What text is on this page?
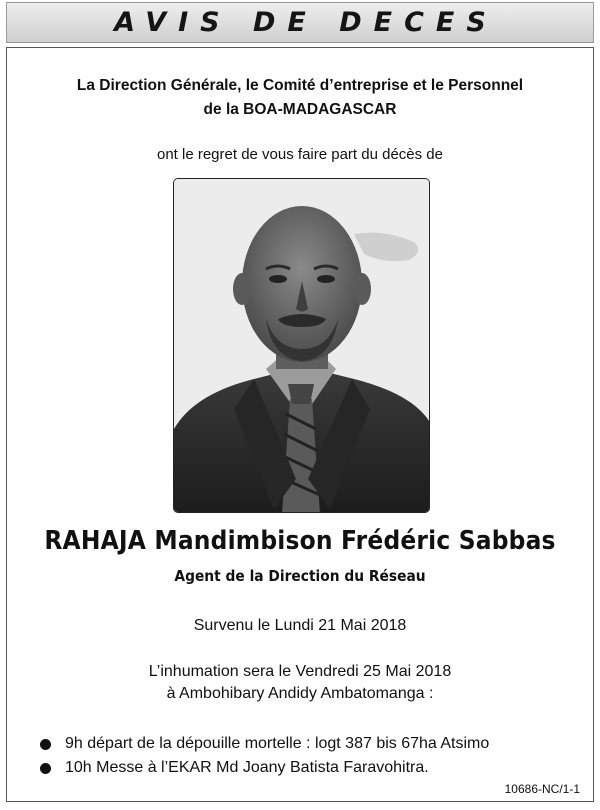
AVIS DE DECES
La Direction Générale, le Comité d’entreprise et le Personnel
de la BOA-MADAGASCAR
ont le regret de vous faire part du décès de
RAHAJA Mandimbison Frédéric Sabbas
Agent de la Direction du Réseau
Survenu le Lundi 21 Mai 2018
L’inhumation sera le Vendredi 25 Mai 2018
à Ambohibary Andidy Ambatomanga :
9h départ de la dépouille mortelle : logt 387 bis 67ha Atsimo
10h Messe à l’EKAR Md Joany Batista Faravohitra.
10686-NC/1-1
